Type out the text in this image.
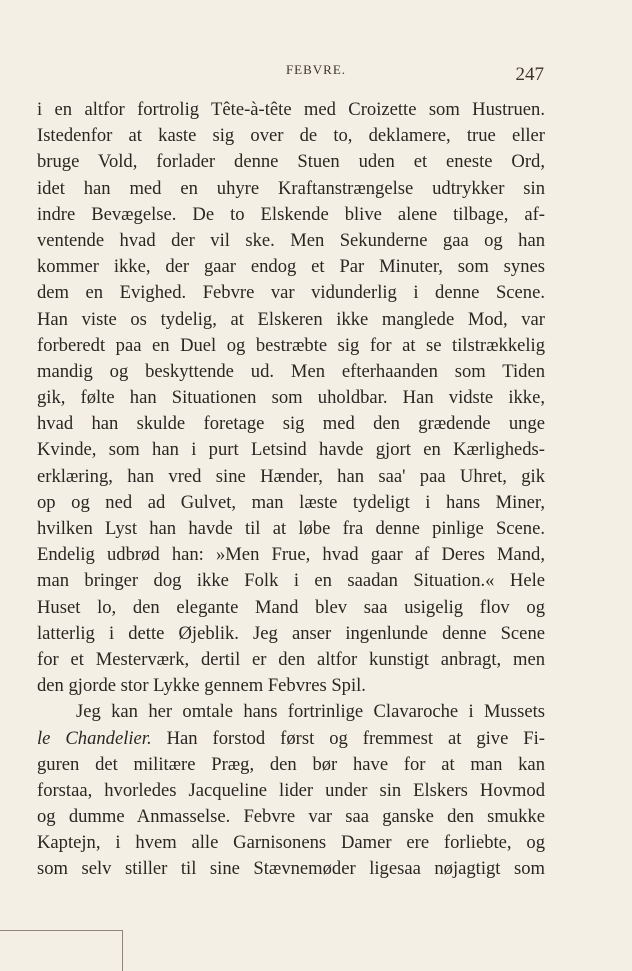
FEBVRE.	247
i en altfor fortrolig Tête-à-tête med Croizette som Hustruen.
Istedenfor at kaste sig over de to, deklamere, true eller
bruge Vold, forlader denne Stuen uden et eneste Ord,
idet han med en uhyre Kraftanstrængelse udtrykker sin
indre Bevægelse. De to Elskende blive alene tilbage, af-
ventende hvad der vil ske. Men Sekunderne gaa og han
kommer ikke, der gaar endog et Par Minuter, som synes
dem en Evighed. Febvre var vidunderlig i denne Scene.
Han viste os tydelig, at Elskeren ikke manglede Mod, var
forberedt paa en Duel og bestræbte sig for at se tilstrækkelig
mandig og beskyttende ud. Men efterhaanden som Tiden
gik, følte han Situationen som uholdbar. Han vidste ikke,
hvad han skulde foretage sig med den grædende unge
Kvinde, som han i purt Letsind havde gjort en Kærligheds-
erklæring, han vred sine Hænder, han saa' paa Uhret, gik
op og ned ad Gulvet, man læste tydeligt i hans Miner,
hvilken Lyst han havde til at løbe fra denne pinlige Scene.
Endelig udbrød han: »Men Frue, hvad gaar af Deres Mand,
man bringer dog ikke Folk i en saadan Situation.« Hele
Huset lo, den elegante Mand blev saa usigelig flov og
latterlig i dette Øjeblik. Jeg anser ingenlunde denne Scene
for et Mesterværk, dertil er den altfor kunstigt anbragt, men
den gjorde stor Lykke gennem Febvres Spil.
Jeg kan her omtale hans fortrinlige Clavaroche i Mussets
le Chandelier. Han forstod først og fremmest at give Fi-
guren det militære Præg, den bør have for at man kan
forstaa, hvorledes Jacqueline lider under sin Elskers Hovmod
og dumme Anmasselse. Febvre var saa ganske den smukke
Kaptejn, i hvem alle Garnisonens Damer ere forliebte, og
som selv stiller til sine Stævnemøder ligesaa nøjagtigt som
